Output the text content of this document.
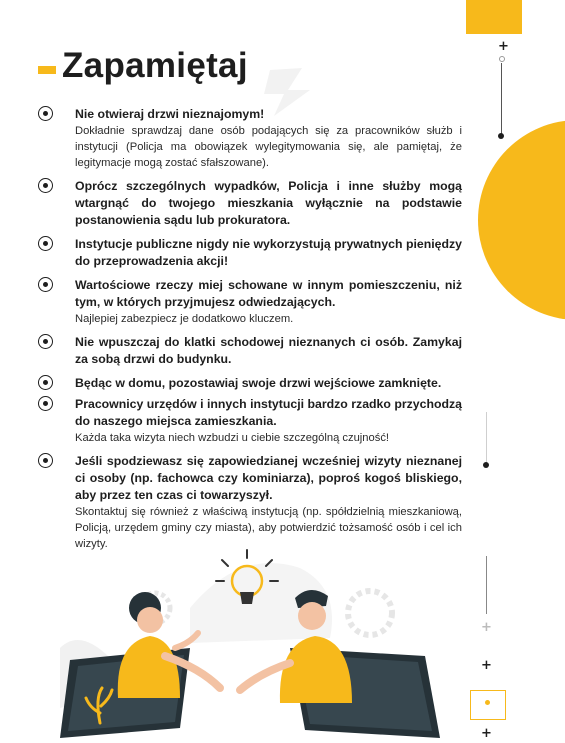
+
+
+
+
Zapamiętaj
Nie otwieraj drzwi nieznajomym!
Dokładnie sprawdzaj dane osób podających się za pracowników służb i instytucji (Policja ma obowiązek wylegitymowania się, ale pamiętaj, że legitymacje mogą zostać sfałszowane).
Oprócz szczególnych wypadków, Policja i inne służby mogą wtargnąć do twojego mieszkania wyłącznie na podstawie postanowienia sądu lub prokuratora.
Instytucje publiczne nigdy nie wykorzystują prywatnych pieniędzy do przeprowadzenia akcji!
Wartościowe rzeczy miej schowane w innym pomieszczeniu, niż tym, w których przyjmujesz odwiedzających.
Najlepiej zabezpiecz je dodatkowo kluczem.
Nie wpuszczaj do klatki schodowej nieznanych ci osób. Zamykaj za sobą drzwi do budynku.
Będąc w domu, pozostawiaj swoje drzwi wejściowe zamknięte.
Pracownicy urzędów i innych instytucji bardzo rzadko przychodzą do naszego miejsca zamieszkania.
Każda taka wizyta niech wzbudzi u ciebie szczególną czujność!
Jeśli spodziewasz się zapowiedzianej wcześniej wizyty nieznanej ci osoby (np. fachowca czy kominiarza), poproś kogoś bliskiego, aby przez ten czas ci towarzyszył.
Skontaktuj się również z właściwą instytucją (np. spółdzielnią mieszkaniową, Policją, urzędem gminy czy miasta), aby potwierdzić tożsamość osób i cel ich wizyty.
